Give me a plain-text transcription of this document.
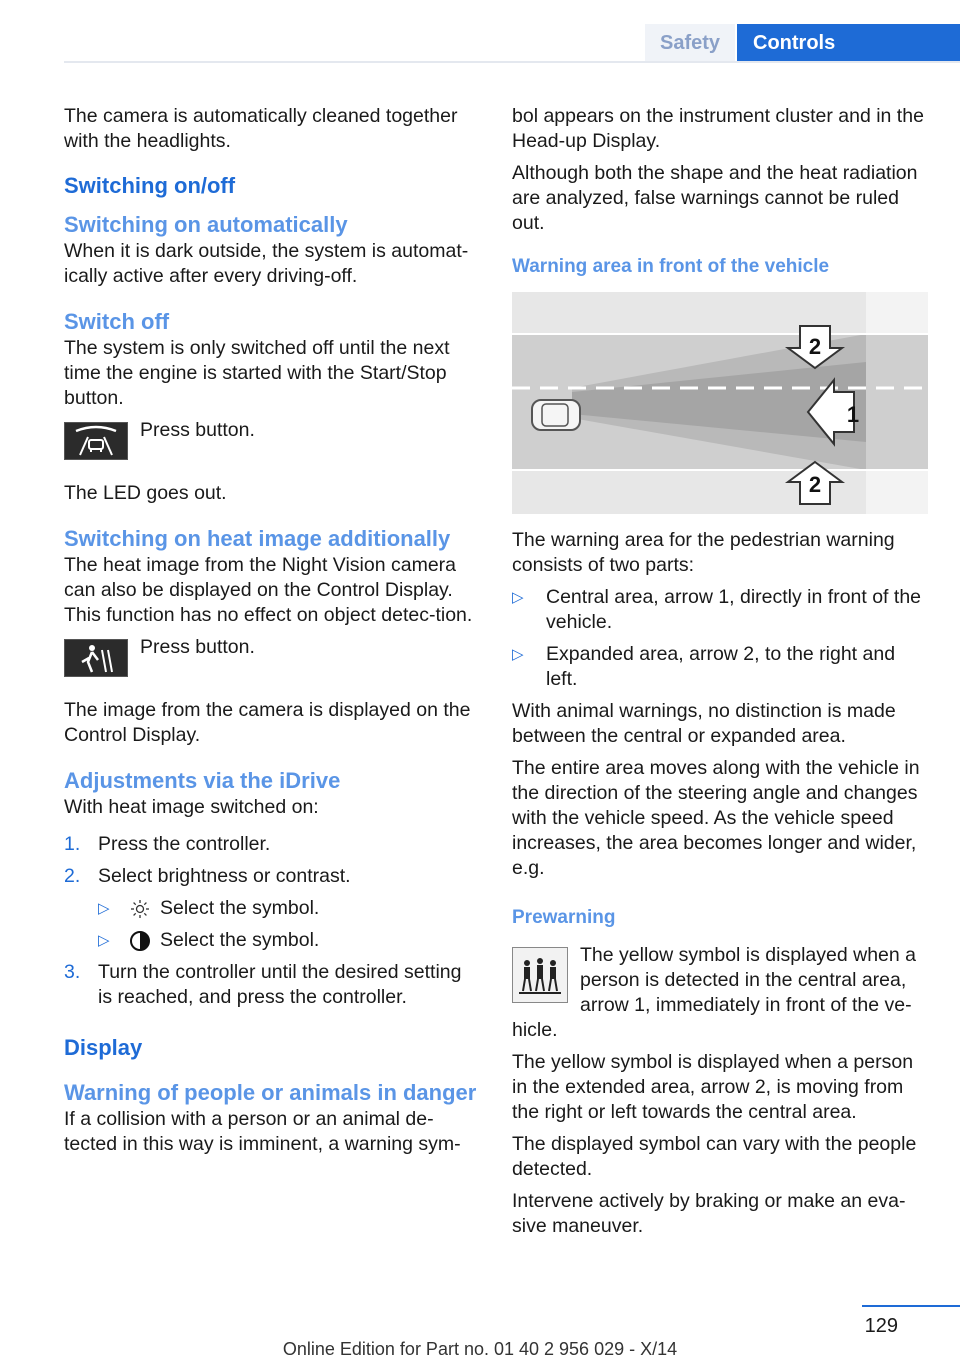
Safety	Controls

The camera is automatically cleaned together with the headlights.

Switching on/off
Switching on automatically

When it is dark outside, the system is automat-ically active after every driving-off.

Switch off

The system is only switched off until the next time the engine is started with the Start/Stop button.

Press button.

The LED goes out.

Switching on heat image additionally

The heat image from the Night Vision camera can also be displayed on the Control Display. This function has no effect on object detec-tion.

Press button.

The image from the camera is displayed on the Control Display.

Adjustments via the iDrive

With heat image switched on:

1. Press the controller.
2. Select brightness or contrast.
▷	Select the symbol.
▷	Select the symbol.
3. Turn the controller until the desired setting is reached, and press the controller.
Display
Warning of people or animals in danger

If a collision with a person or an animal de-tected in this way is imminent, a warning sym-

bol appears on the instrument cluster and in the Head-up Display.

Although both the shape and the heat radiation are analyzed, false warnings cannot be ruled out.

Warning area in front of the vehicle
1
2
2

The warning area for the pedestrian warning consists of two parts:

▷ Central area, arrow 1, directly in front of the vehicle.
▷ Expanded area, arrow 2, to the right and left.

With animal warnings, no distinction is made between the central or expanded area.

The entire area moves along with the vehicle in the direction of the steering angle and changes with the vehicle speed. As the vehicle speed increases, the area becomes longer and wider, e.g.

Prewarning
The yellow symbol is displayed when a person is detected in the central area, arrow 1, immediately in front of the ve-hicle.

The yellow symbol is displayed when a person in the extended area, arrow 2, is moving from the right or left towards the central area.

The displayed symbol can vary with the people detected.

Intervene actively by braking or make an eva-sive maneuver.

129
Online Edition for Part no. 01 40 2 956 029 - X/14
